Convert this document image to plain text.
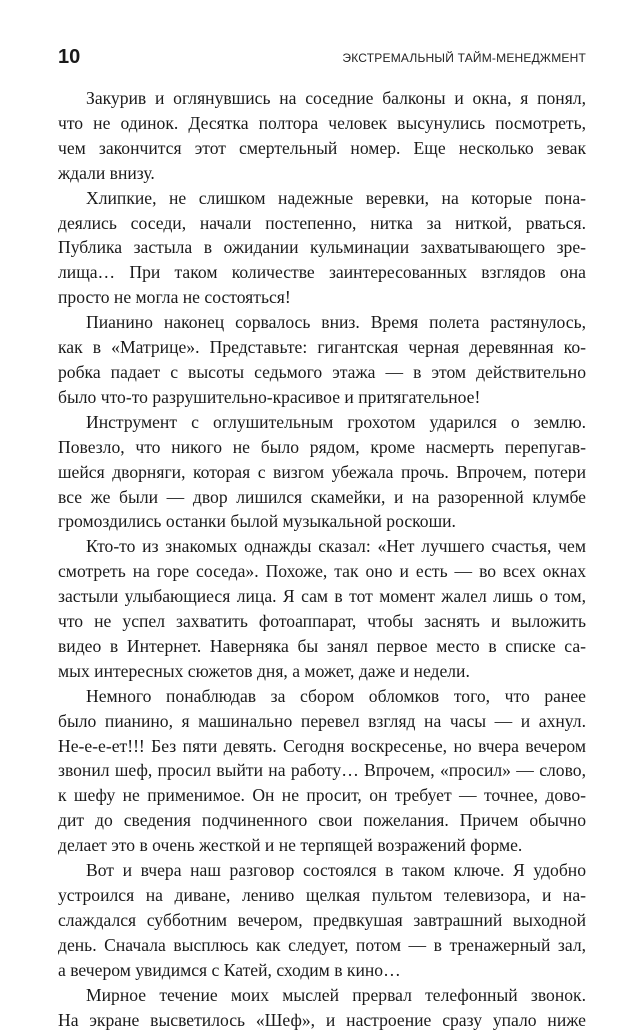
10	ЭКСТРЕМАЛЬНЫЙ ТАЙМ-МЕНЕДЖМЕНТ

Закурив и оглянувшись на соседние балконы и окна, я понял,
что не одинок. Десятка полтора человек высунулись посмотреть,
чем закончится этот смертельный номер. Еще несколько зевак
ждали внизу.

Хлипкие, не слишком надежные веревки, на которые пона-
деялись соседи, начали постепенно, нитка за ниткой, рваться.
Публика застыла в ожидании кульминации захватывающего зре-
лища… При таком количестве заинтересованных взглядов она
просто не могла не состояться!

Пианино наконец сорвалось вниз. Время полета растянулось,
как в «Матрице». Представьте: гигантская черная деревянная ко-
робка падает с высоты седьмого этажа — в этом действительно
было что-то разрушительно-красивое и притягательное!

Инструмент с оглушительным грохотом ударился о землю.
Повезло, что никого не было рядом, кроме насмерть перепугав-
шейся дворняги, которая с визгом убежала прочь. Впрочем, потери
все же были — двор лишился скамейки, и на разоренной клумбе
громоздились останки былой музыкальной роскоши.

Кто-то из знакомых однажды сказал: «Нет лучшего счастья, чем
смотреть на горе соседа». Похоже, так оно и есть — во всех окнах
застыли улыбающиеся лица. Я сам в тот момент жалел лишь о том,
что не успел захватить фотоаппарат, чтобы заснять и выложить
видео в Интернет. Наверняка бы занял первое место в списке са-
мых интересных сюжетов дня, а может, даже и недели.

Немного понаблюдав за сбором обломков того, что ранее
было пианино, я машинально перевел взгляд на часы — и ахнул.
Не-е-е-ет!!! Без пяти девять. Сегодня воскресенье, но вчера вечером
звонил шеф, просил выйти на работу… Впрочем, «просил» — слово,
к шефу не применимое. Он не просит, он требует — точнее, дово-
дит до сведения подчиненного свои пожелания. Причем обычно
делает это в очень жесткой и не терпящей возражений форме.

Вот и вчера наш разговор состоялся в таком ключе. Я удобно
устроился на диване, лениво щелкая пультом телевизора, и на-
слаждался субботним вечером, предвкушая завтрашний выходной
день. Сначала высплюсь как следует, потом — в тренажерный зал,
а вечером увидимся с Катей, сходим в кино…

Мирное течение моих мыслей прервал телефонный звонок.
На экране высветилось «Шеф», и настроение сразу упало ниже
